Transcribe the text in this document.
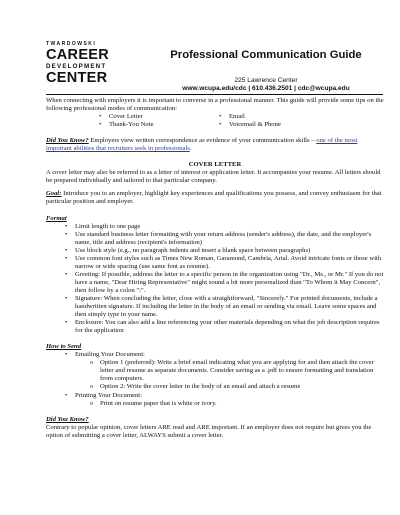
TWARDOWSKI
CAREER
DEVELOPMENT
CENTER
Professional Communication Guide
225 Lawrence Center
www.wcupa.edu/cdc | 610.436.2501 | cdc@wcupa.edu

When connecting with employers it is important to converse in a professional manner. This guide will provide some tips on the following professional modes of communication:

• Cover Letter	• Email
• Thank-You Note	• Voicemail & Phone

Did You Know? Employers view written correspondence as evidence of your communication skills – one of the most important abilities that recruiters seek in professionals.

COVER LETTER

A cover letter may also be referred to as a letter of interest or application letter. It accompanies your resume. All letters should be prepared individually and tailored to that particular company.

Goal: Introduce you to an employer, highlight key experiences and qualifications you possess, and convey enthusiasm for that particular position and employer.

Format

• Limit length to one page
• Use standard business letter formatting with your return address (sender's address), the date, and the employer's name, title and address (recipient's information)
• Use block style (e.g., no paragraph indents and insert a blank space between paragraphs)
• Use common font styles such as Times New Roman, Garamond, Cambria, Arial. Avoid intricate fonts or those with narrow or wide spacing (use same font as resume).
• Greeting: If possible, address the letter to a specific person in the organization using "Dr., Ms., or Mr." If you do not have a name, "Dear Hiring Representative" might sound a bit more personalized than "To Whom it May Concern", then follow by a colon ":".
• Signature: When concluding the letter, close with a straightforward, "Sincerely." For printed documents, include a handwritten signature. If including the letter in the body of an email or sending via email. Leave some spaces and then simply type in your name.
• Enclosure: You can also add a line referencing your other materials depending on what the job description requires for the application

How to Send

• Emailing Your Document:
o Option 1 (preferred): Write a brief email indicating what you are applying for and then attach the cover letter and resume as separate documents. Consider saving as a .pdf to ensure formatting and translation from computers.
o Option 2: Write the cover letter in the body of an email and attach a resume
• Printing Your Document:
o Print on resume paper that is white or ivory.

Did You Know?

Contrary to popular opinion, cover letters ARE read and ARE important. If an employer does not require but gives you the option of submitting a cover letter, ALWAYS submit a cover letter.
